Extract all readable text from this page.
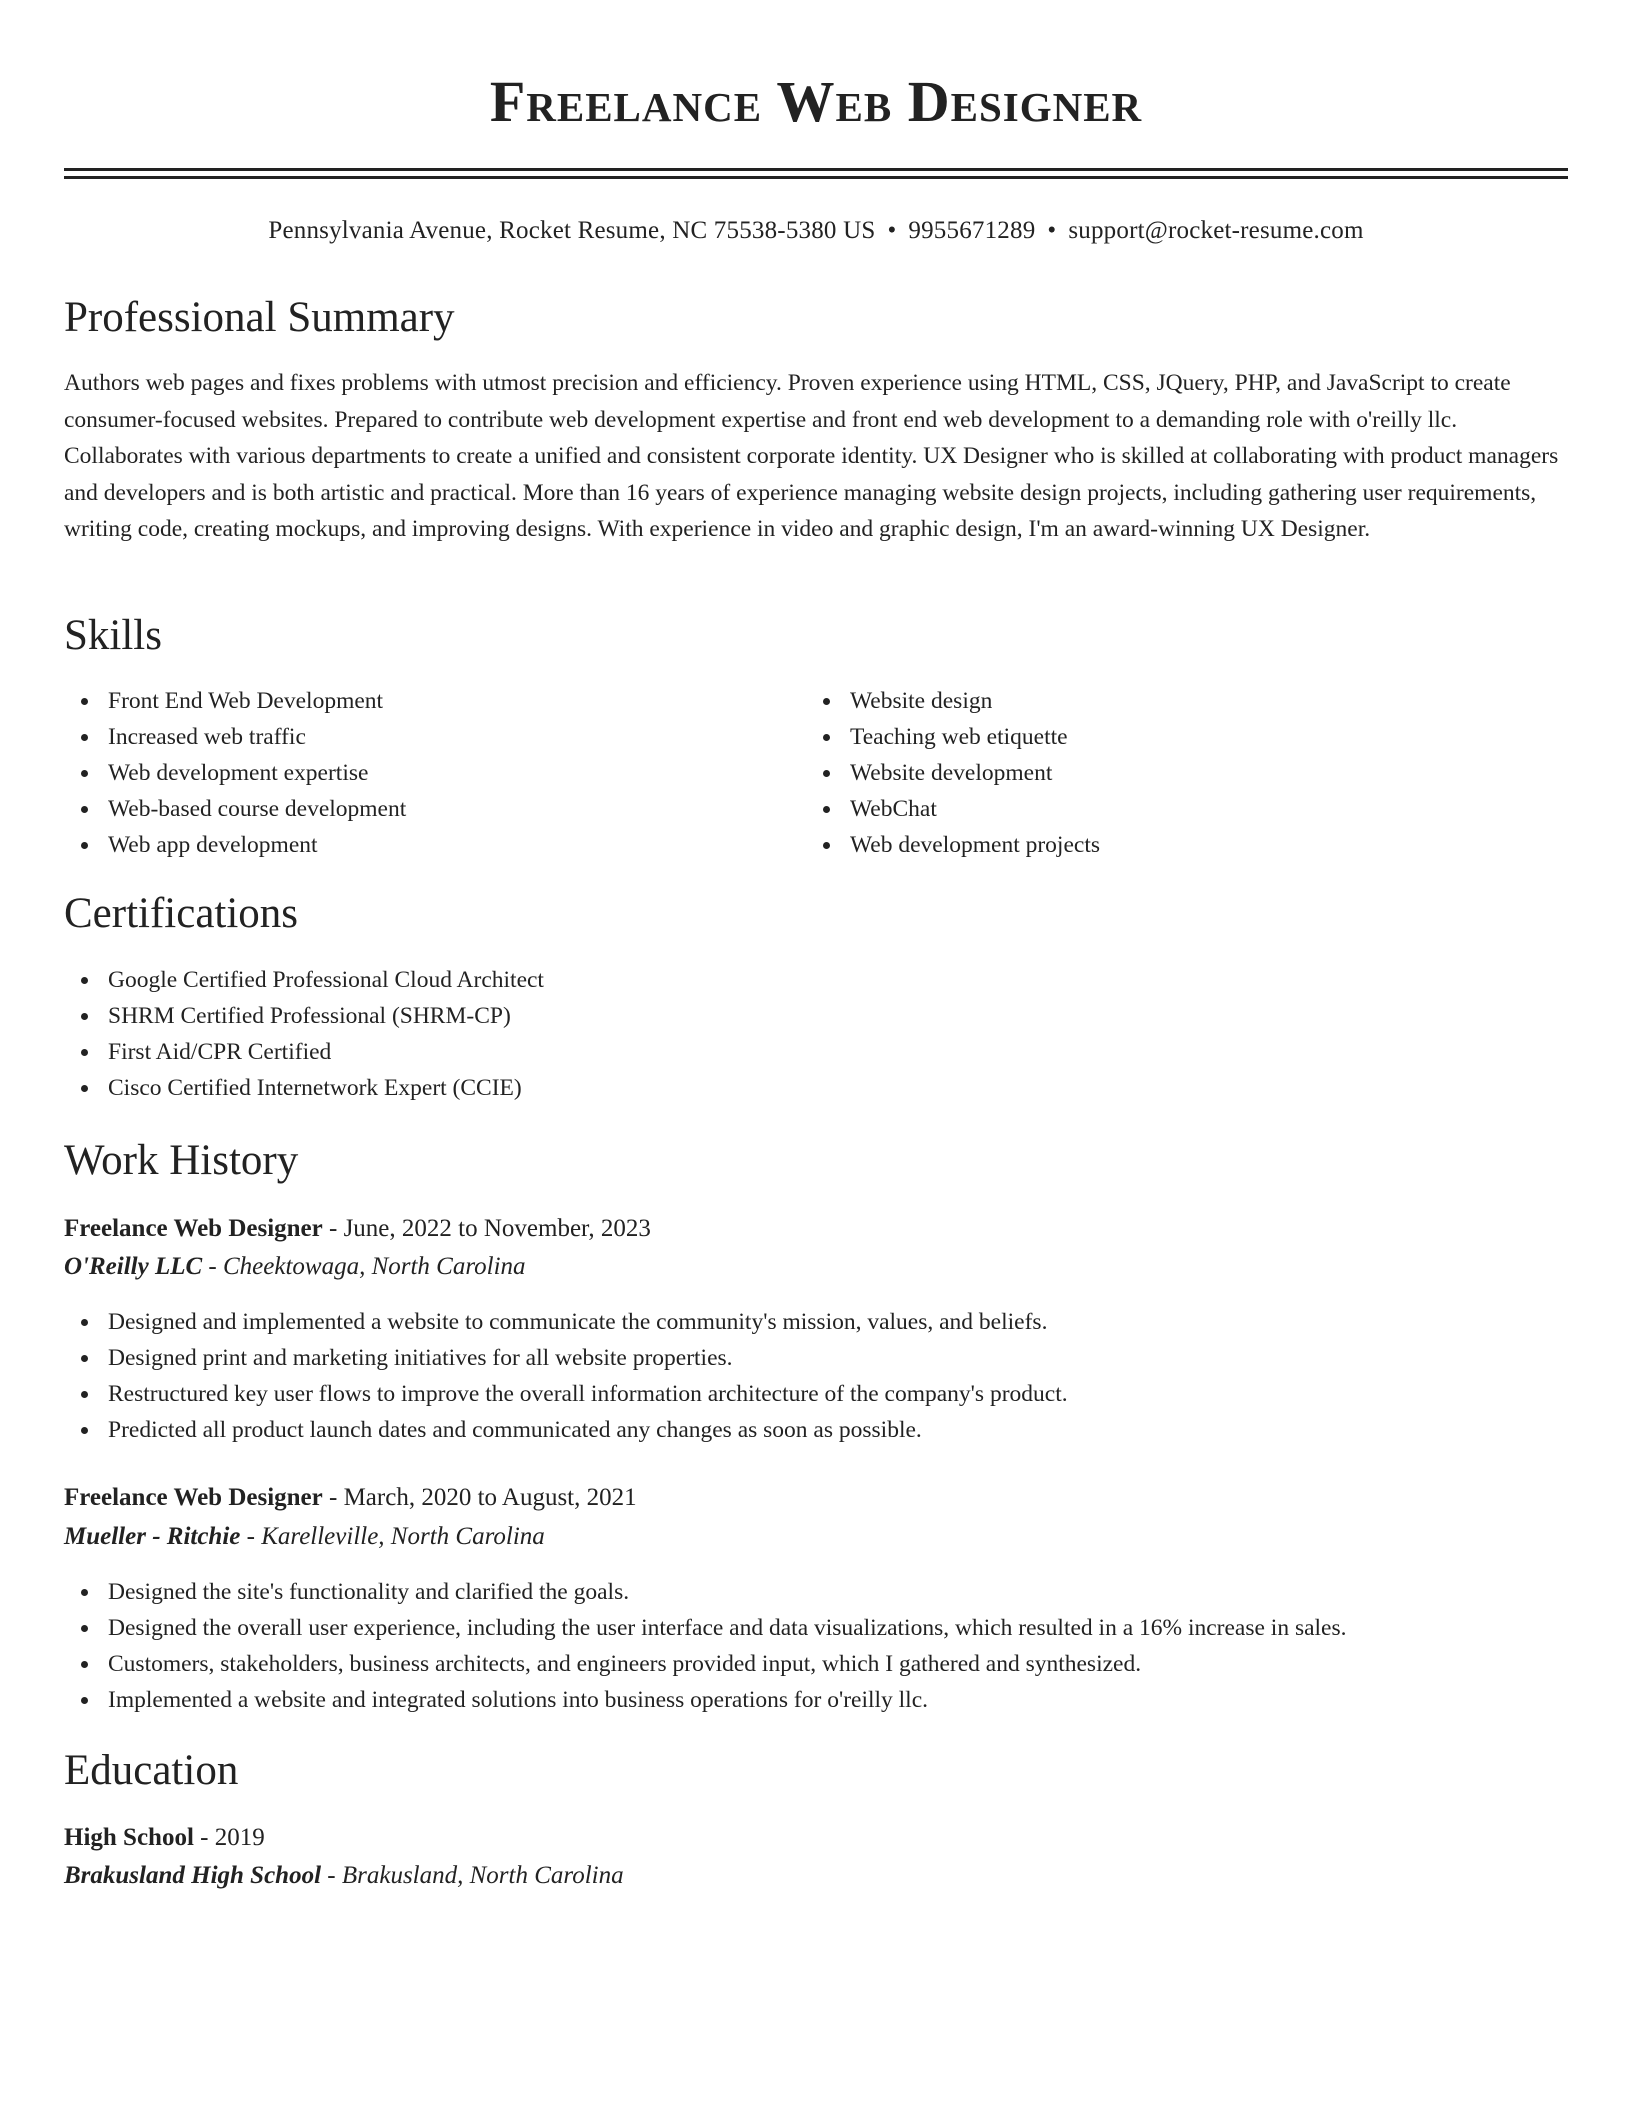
Freelance Web Designer
Pennsylvania Avenue, Rocket Resume, NC 75538-5380 US • 9955671289 • support@rocket-resume.com
Professional Summary
Authors web pages and fixes problems with utmost precision and efficiency. Proven experience using HTML, CSS, JQuery, PHP, and JavaScript to create consumer-focused websites. Prepared to contribute web development expertise and front end web development to a demanding role with o'reilly llc. Collaborates with various departments to create a unified and consistent corporate identity. UX Designer who is skilled at collaborating with product managers and developers and is both artistic and practical. More than 16 years of experience managing website design projects, including gathering user requirements, writing code, creating mockups, and improving designs. With experience in video and graphic design, I'm an award-winning UX Designer.
Skills
Front End Web Development
Increased web traffic
Web development expertise
Web-based course development
Web app development
Website design
Teaching web etiquette
Website development
WebChat
Web development projects
Certifications
Google Certified Professional Cloud Architect
SHRM Certified Professional (SHRM-CP)
First Aid/CPR Certified
Cisco Certified Internetwork Expert (CCIE)
Work History
Freelance Web Designer - June, 2022 to November, 2023
O'Reilly LLC - Cheektowaga, North Carolina
Designed and implemented a website to communicate the community's mission, values, and beliefs.
Designed print and marketing initiatives for all website properties.
Restructured key user flows to improve the overall information architecture of the company's product.
Predicted all product launch dates and communicated any changes as soon as possible.
Freelance Web Designer - March, 2020 to August, 2021
Mueller - Ritchie - Karelleville, North Carolina
Designed the site's functionality and clarified the goals.
Designed the overall user experience, including the user interface and data visualizations, which resulted in a 16% increase in sales.
Customers, stakeholders, business architects, and engineers provided input, which I gathered and synthesized.
Implemented a website and integrated solutions into business operations for o'reilly llc.
Education
High School - 2019
Brakusland High School - Brakusland, North Carolina
